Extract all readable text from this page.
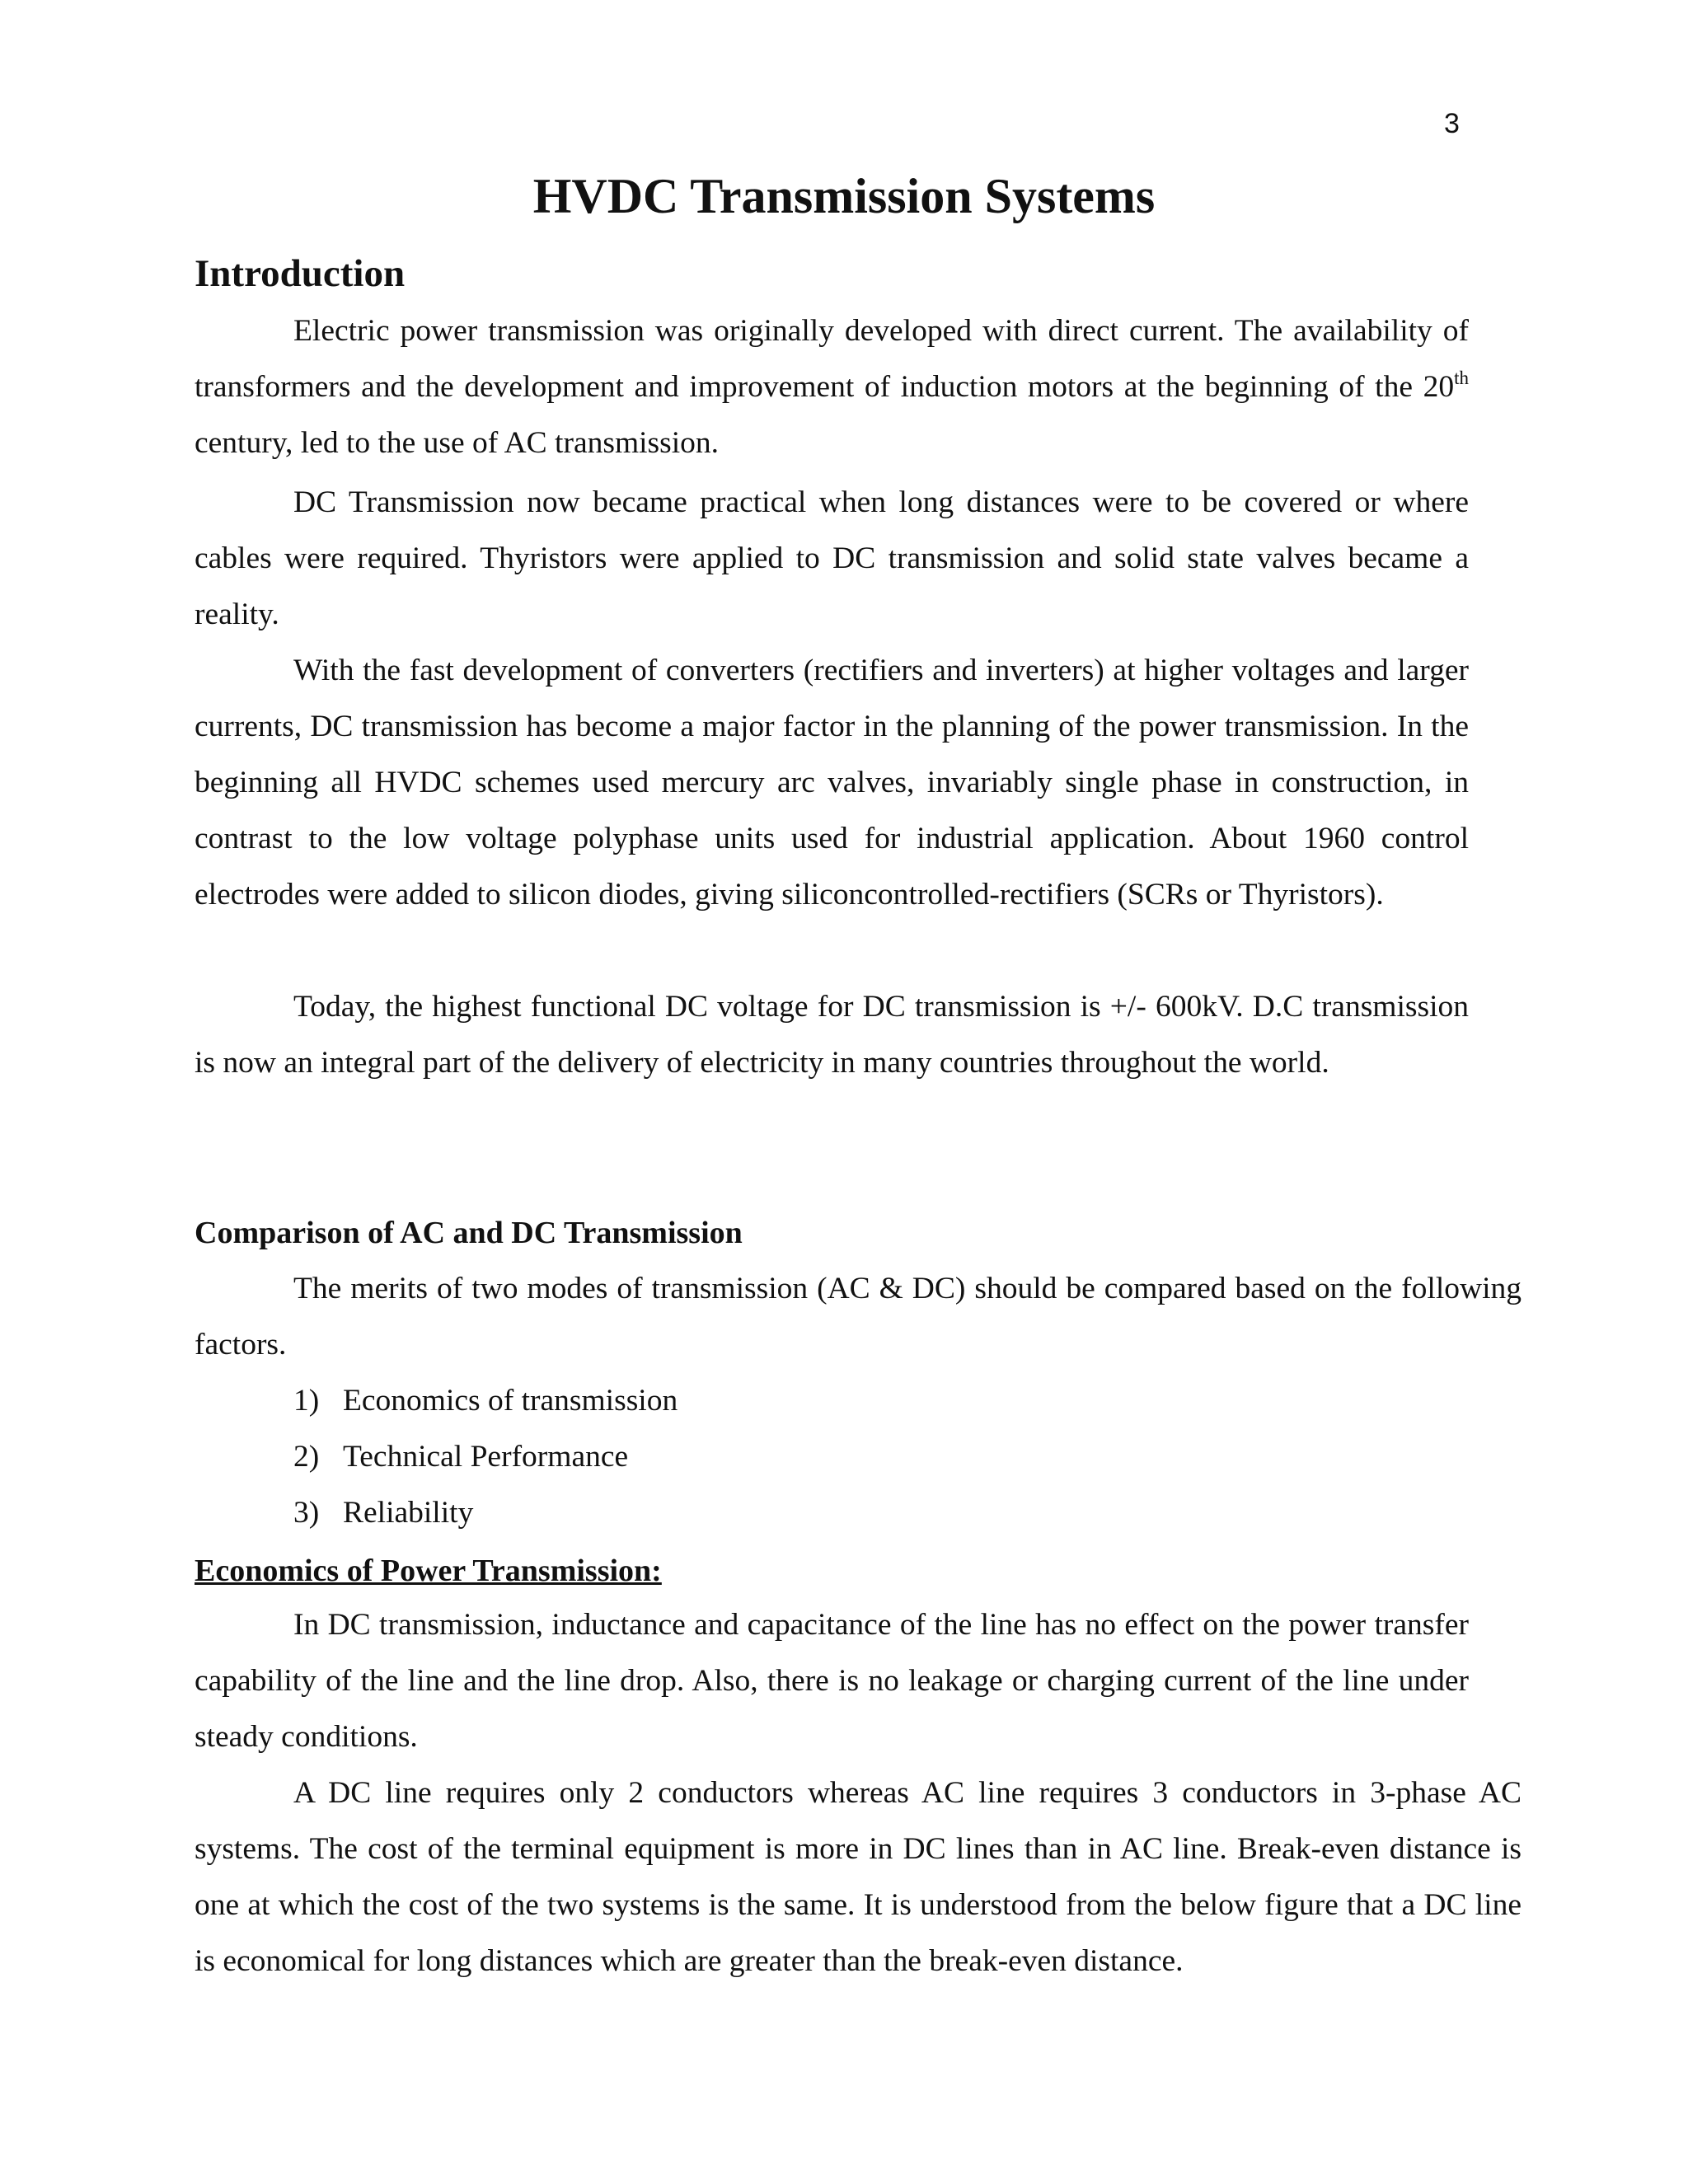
3
HVDC Transmission Systems
Introduction

Electric power transmission was originally developed with direct current. The availability of transformers and the development and improvement of induction motors at the beginning of the 20th century, led to the use of AC transmission.

DC Transmission now became practical when long distances were to be covered or where cables were required. Thyristors were applied to DC transmission and solid state valves became a reality.

With the fast development of converters (rectifiers and inverters) at higher voltages and larger currents, DC transmission has become a major factor in the planning of the power transmission. In the beginning all HVDC schemes used mercury arc valves, invariably single phase in construction, in contrast to the low voltage polyphase units used for industrial application. About 1960 control electrodes were added to silicon diodes, giving siliconcontrolled-rectifiers (SCRs or Thyristors).

Today, the highest functional DC voltage for DC transmission is +/- 600kV. D.C transmission is now an integral part of the delivery of electricity in many countries throughout the world.

Comparison of AC and DC Transmission

The merits of two modes of transmission (AC & DC) should be compared based on the following factors.

1) Economics of transmission
2) Technical Performance
3) Reliability
Economics of Power Transmission:

In DC transmission, inductance and capacitance of the line has no effect on the power transfer capability of the line and the line drop. Also, there is no leakage or charging current of the line under steady conditions.

A DC line requires only 2 conductors whereas AC line requires 3 conductors in 3-phase AC systems. The cost of the terminal equipment is more in DC lines than in AC line. Break-even distance is one at which the cost of the two systems is the same. It is understood from the below figure that a DC line is economical for long distances which are greater than the break-even distance.
